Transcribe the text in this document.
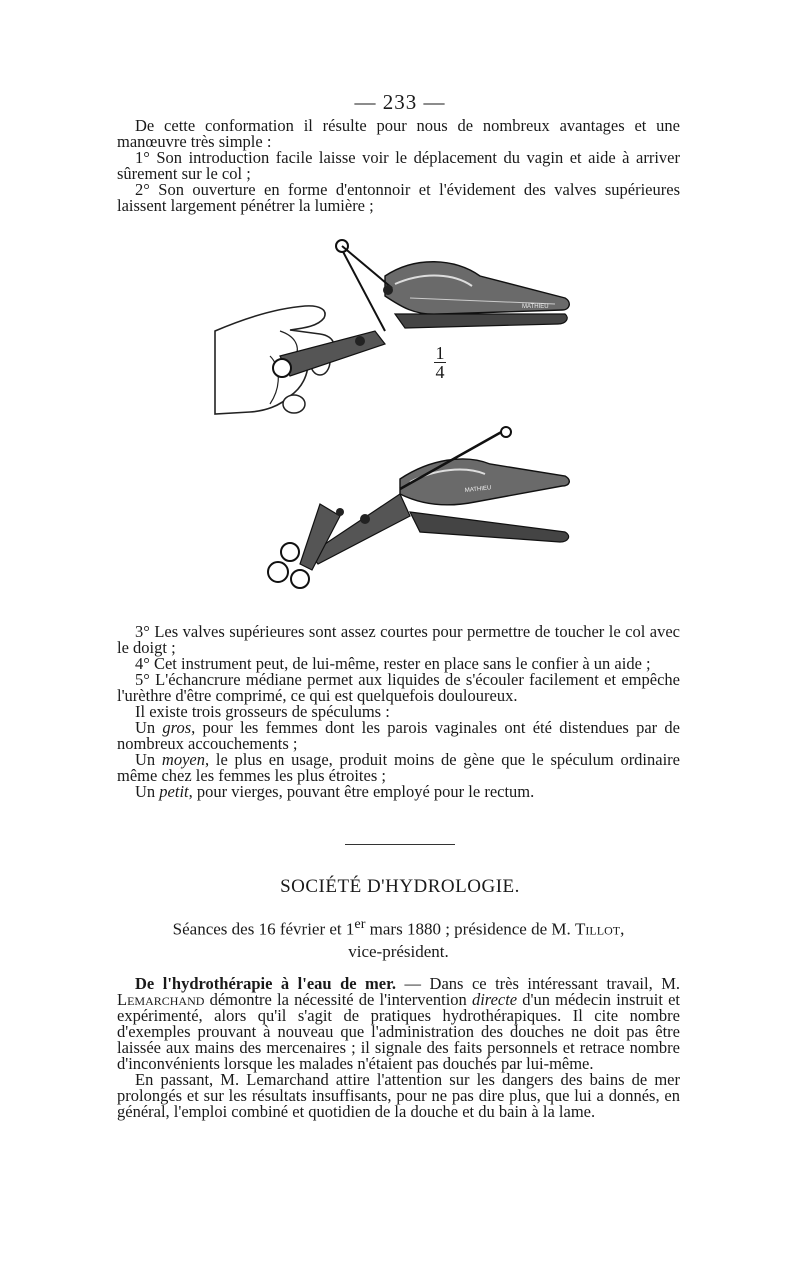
— 233 —

De cette conformation il résulte pour nous de nombreux avantages et une manœuvre très simple :

1° Son introduction facile laisse voir le déplacement du vagin et aide à arriver sûrement sur le col ;

2° Son ouverture en forme d'entonnoir et l'évidement des valves supérieures laissent largement pénétrer la lumière ;

MATHIEU
1
4
MATHIEU

3° Les valves supérieures sont assez courtes pour permettre de toucher le col avec le doigt ;

4° Cet instrument peut, de lui-même, rester en place sans le confier à un aide ;

5° L'échancrure médiane permet aux liquides de s'écouler facilement et empêche l'urèthre d'être comprimé, ce qui est quelquefois douloureux.

Il existe trois grosseurs de spéculums :

Un gros, pour les femmes dont les parois vaginales ont été distendues par de nombreux accouchements ;

Un moyen, le plus en usage, produit moins de gène que le spéculum ordinaire même chez les femmes les plus étroites ;

Un petit, pour vierges, pouvant être employé pour le rectum.

SOCIÉTÉ D'HYDROLOGIE.
Séances des 16 février et 1er mars 1880 ; présidence de M. Tillot,
vice-président.

De l'hydrothérapie à l'eau de mer. — Dans ce très intéressant travail, M. Lemarchand démontre la nécessité de l'intervention directe d'un médecin instruit et expérimenté, alors qu'il s'agit de pratiques hydrothérapiques. Il cite nombre d'exemples prouvant à nouveau que l'administration des douches ne doit pas être laissée aux mains des mercenaires ; il signale des faits personnels et retrace nombre d'inconvénients lorsque les malades n'étaient pas douchés par lui-même.

En passant, M. Lemarchand attire l'attention sur les dangers des bains de mer prolongés et sur les résultats insuffisants, pour ne pas dire plus, que lui a donnés, en général, l'emploi combiné et quotidien de la douche et du bain à la lame.
